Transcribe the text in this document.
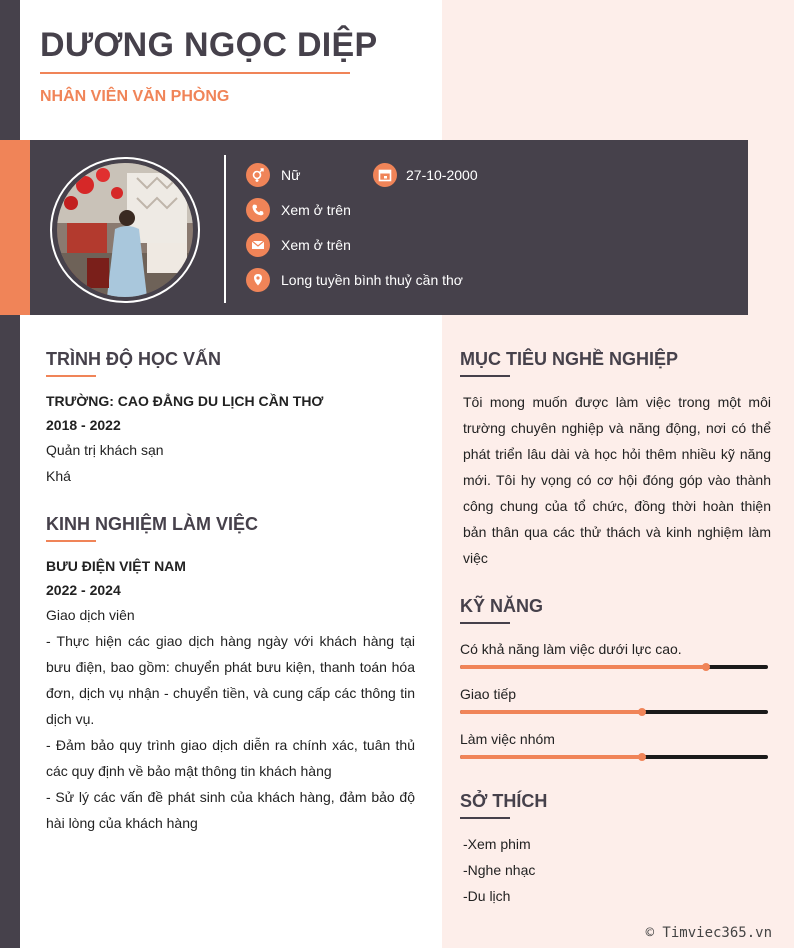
DƯƠNG NGỌC DIỆP
NHÂN VIÊN VĂN PHÒNG
Nữ	27-10-2000
Xem ở trên
Xem ở trên
Long tuyền bình thuỷ cần thơ
TRÌNH ĐỘ HỌC VẤN
TRƯỜNG: CAO ĐẲNG DU LỊCH CẦN THƠ
2018 - 2022
Quản trị khách sạn
Khá
KINH NGHIỆM LÀM VIỆC
BƯU ĐIỆN VIỆT NAM
2022 - 2024
Giao dịch viên
- Thực hiện các giao dịch hàng ngày với khách hàng tại bưu điện, bao gồm: chuyển phát bưu kiện, thanh toán hóa đơn, dịch vụ nhận - chuyển tiền, và cung cấp các thông tin dịch vụ.
- Đảm bảo quy trình giao dịch diễn ra chính xác, tuân thủ các quy định về bảo mật thông tin khách hàng
- Sử lý các vấn đề phát sinh của khách hàng, đảm bảo độ hài lòng của khách hàng
MỤC TIÊU NGHỀ NGHIỆP
Tôi mong muốn được làm việc trong một môi trường chuyên nghiệp và năng động, nơi có thể phát triển lâu dài và học hỏi thêm nhiều kỹ năng mới. Tôi hy vọng có cơ hội đóng góp vào thành công chung của tổ chức, đồng thời hoàn thiện bản thân qua các thử thách và kinh nghiệm làm việc
KỸ NĂNG
Có khả năng làm việc dưới lực cao.
Giao tiếp
Làm việc nhóm
SỞ THÍCH
-Xem phim
-Nghe nhạc
-Du lịch
© Timviec365.vn
